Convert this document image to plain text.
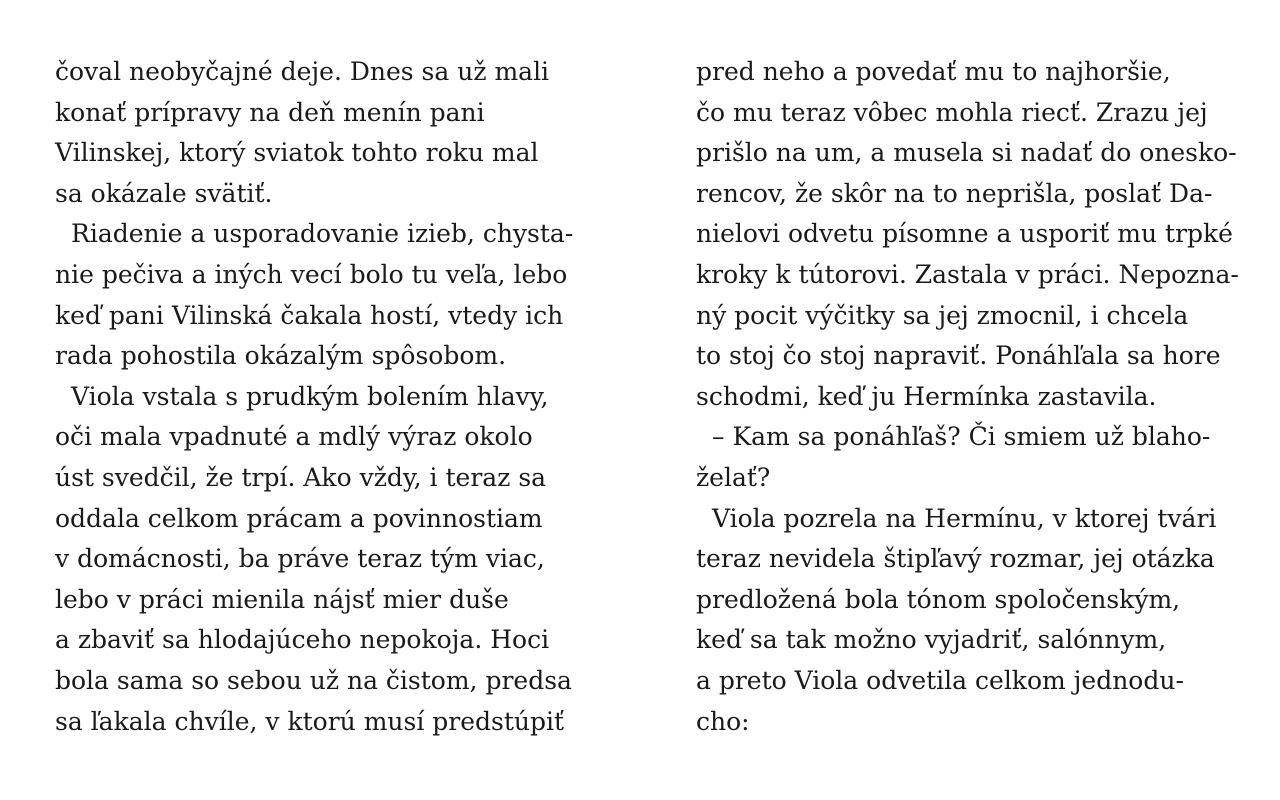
čoval neobyčajné deje. Dnes sa už mali
konať prípravy na deň menín pani
Vilinskej, ktorý sviatok tohto roku mal
sa okázale svätiť.
Riadenie a usporadovanie izieb, chysta-
nie pečiva a iných vecí bolo tu veľa, lebo
keď pani Vilinská čakala hostí, vtedy ich
rada pohostila okázalým spôsobom.
Viola vstala s prudkým bolením hlavy,
oči mala vpadnuté a mdlý výraz okolo
úst svedčil, že trpí. Ako vždy, i teraz sa
oddala celkom prácam a povinnostiam
v domácnosti, ba práve teraz tým viac,
lebo v práci mienila nájsť mier duše
a zbaviť sa hlodajúceho nepokoja. Hoci
bola sama so sebou už na čistom, predsa
sa ľakala chvíle, v ktorú musí predstúpiť
pred neho a povedať mu to najhoršie,
čo mu teraz vôbec mohla riecť. Zrazu jej
prišlo na um, a musela si nadať do onesko-
rencov, že skôr na to neprišla, poslať Da-
nielovi odvetu písomne a usporiť mu trpké
kroky k tútorovi. Zastala v práci. Nepozna-
ný pocit výčitky sa jej zmocnil, i chcela
to stoj čo stoj napraviť. Ponáhľala sa hore
schodmi, keď ju Hermínka zastavila.
– Kam sa ponáhľaš? Či smiem už blaho-
želať?
Viola pozrela na Hermínu, v ktorej tvári
teraz nevidela štipľavý rozmar, jej otázka
predložená bola tónom spoločenským,
keď sa tak možno vyjadriť, salónnym,
a preto Viola odvetila celkom jednodu-
cho:
